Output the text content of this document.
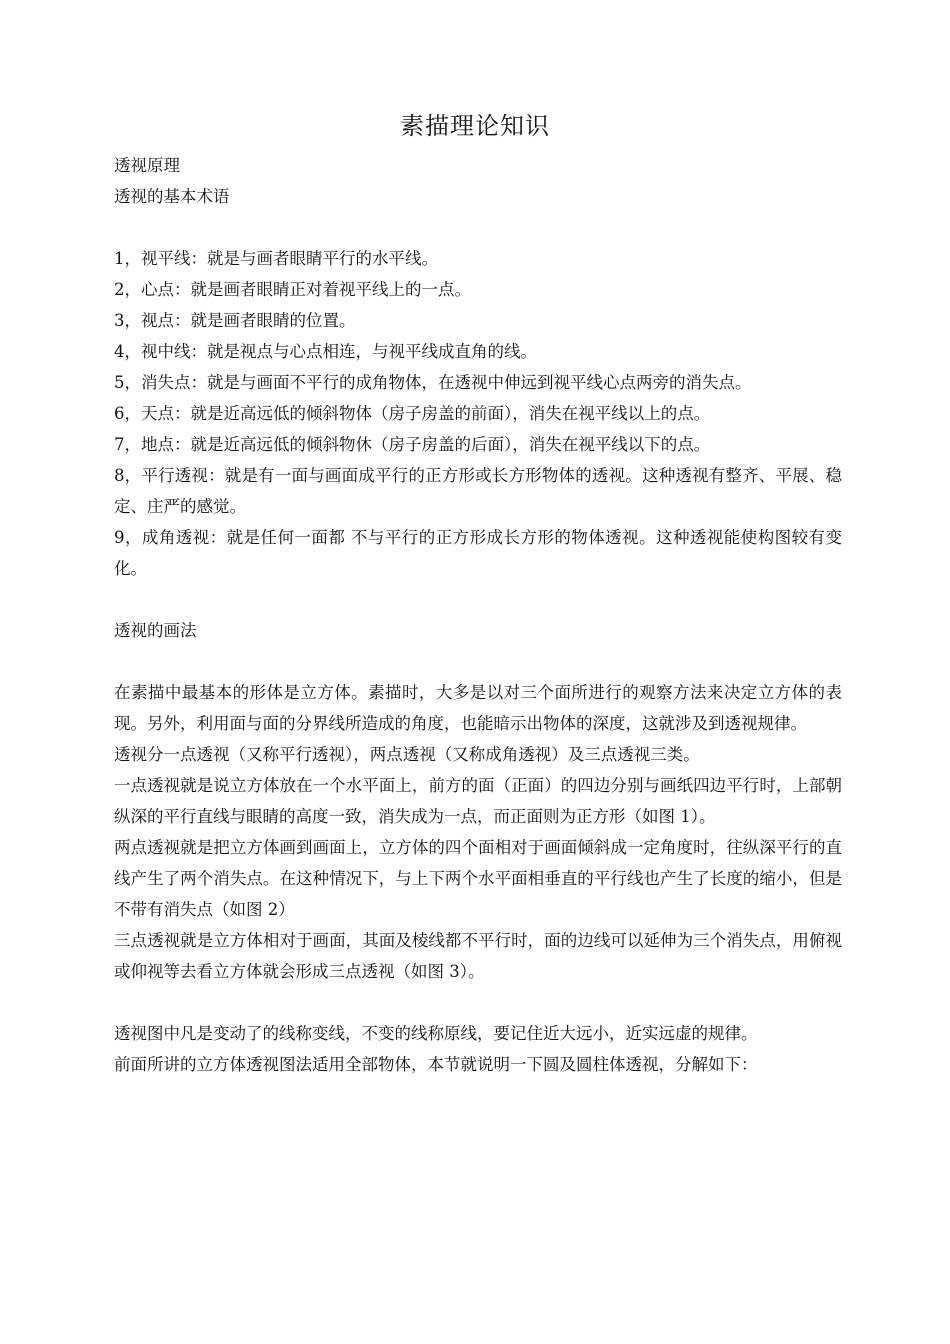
素描理论知识

透视原理

透视的基本术语

1，视平线：就是与画者眼睛平行的水平线。

2，心点：就是画者眼睛正对着视平线上的一点。

3，视点：就是画者眼睛的位置。

4，视中线：就是视点与心点相连，与视平线成直角的线。

5，消失点：就是与画面不平行的成角物体，在透视中伸远到视平线心点两旁的消失点。

6，天点：就是近高远低的倾斜物体（房子房盖的前面），消失在视平线以上的点。

7，地点：就是近高远低的倾斜物休（房子房盖的后面），消失在视平线以下的点。

8，平行透视：就是有一面与画面成平行的正方形或长方形物体的透视。这种透视有整齐、平展、稳定、庄严的感觉。

9，成角透视：就是任何一面都 不与平行的正方形成长方形的物体透视。这种透视能使构图较有变化。

透视的画法

在素描中最基本的形体是立方体。素描时，大多是以对三个面所进行的观察方法来决定立方体的表现。另外，利用面与面的分界线所造成的角度，也能暗示出物体的深度，这就涉及到透视规律。

透视分一点透视（又称平行透视），两点透视（又称成角透视）及三点透视三类。

一点透视就是说立方体放在一个水平面上，前方的面（正面）的四边分别与画纸四边平行时，上部朝纵深的平行直线与眼睛的高度一致，消失成为一点，而正面则为正方形（如图 1）。

两点透视就是把立方体画到画面上，立方体的四个面相对于画面倾斜成一定角度时，往纵深平行的直线产生了两个消失点。在这种情况下，与上下两个水平面相垂直的平行线也产生了长度的缩小，但是不带有消失点（如图 2）

三点透视就是立方体相对于画面，其面及棱线都不平行时，面的边线可以延伸为三个消失点，用俯视或仰视等去看立方体就会形成三点透视（如图 3）。

透视图中凡是变动了的线称变线，不变的线称原线，要记住近大远小，近实远虚的规律。

前面所讲的立方体透视图法适用全部物体，本节就说明一下圆及圆柱体透视，分解如下：
